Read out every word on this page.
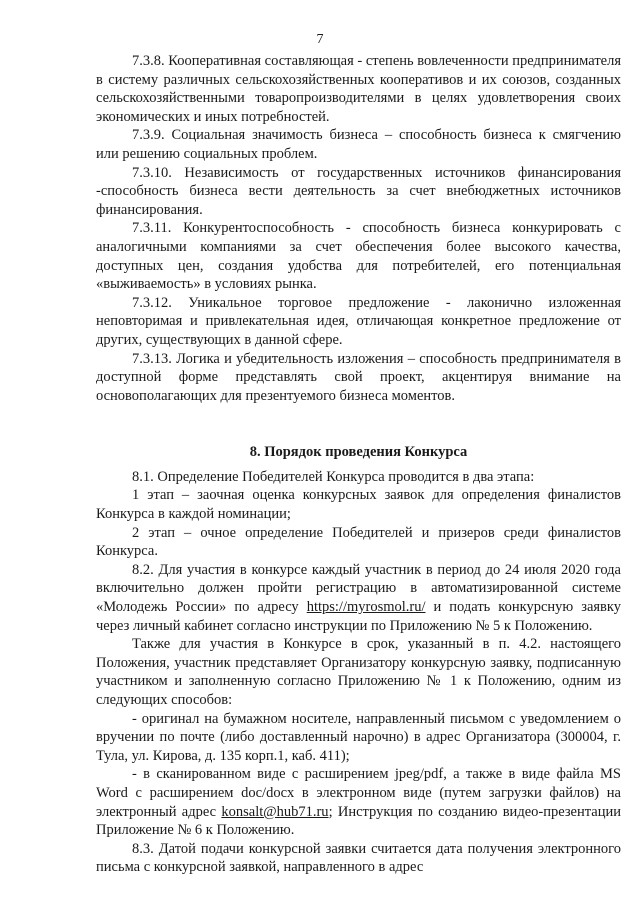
7

7.3.8. Кооперативная составляющая - степень вовлеченности предпринимателя в систему различных сельскохозяйственных кооперативов и их союзов, созданных сельскохозяйственными товаропроизводителями в целях удовлетворения своих экономических и иных потребностей.

7.3.9. Социальная значимость бизнеса – способность бизнеса к смягчению или решению социальных проблем.

7.3.10. Независимость от государственных источников финансирования -способность бизнеса вести деятельность за счет внебюджетных источников финансирования.

7.3.11. Конкурентоспособность - способность бизнеса конкурировать с аналогичными компаниями за счет обеспечения более высокого качества, доступных цен, создания удобства для потребителей, его потенциальная «выживаемость» в условиях рынка.

7.3.12. Уникальное торговое предложение - лаконично изложенная неповторимая и привлекательная идея, отличающая конкретное предложение от других, существующих в данной сфере.

7.3.13. Логика и убедительность изложения – способность предпринимателя в доступной форме представлять свой проект, акцентируя внимание на основополагающих для презентуемого бизнеса моментов.

8. Порядок проведения Конкурса

8.1. Определение Победителей Конкурса проводится в два этапа:

1 этап – заочная оценка конкурсных заявок для определения финалистов Конкурса в каждой номинации;

2 этап – очное определение Победителей и призеров среди финалистов Конкурса.

8.2. Для участия в конкурсе каждый участник в период до 24 июля 2020 года включительно должен пройти регистрацию в автоматизированной системе «Молодежь России» по адресу https://myrosmol.ru/ и подать конкурсную заявку через личный кабинет согласно инструкции по Приложению № 5 к Положению.

Также для участия в Конкурсе в срок, указанный в п. 4.2. настоящего Положения, участник представляет Организатору конкурсную заявку, подписанную участником и заполненную согласно Приложению № 1 к Положению, одним из следующих способов:

- оригинал на бумажном носителе, направленный письмом с уведомлением о вручении по почте (либо доставленный нарочно) в адрес Организатора (300004, г. Тула, ул. Кирова, д. 135 корп.1, каб. 411);

- в сканированном виде с расширением jpeg/pdf, а также в виде файла MS Word с расширением doc/docx в электронном виде (путем загрузки файлов) на электронный адрес konsalt@hub71.ru; Инструкция по созданию видео-презентации Приложение № 6 к Положению.

8.3. Датой подачи конкурсной заявки считается дата получения электронного письма с конкурсной заявкой, направленного в адрес
